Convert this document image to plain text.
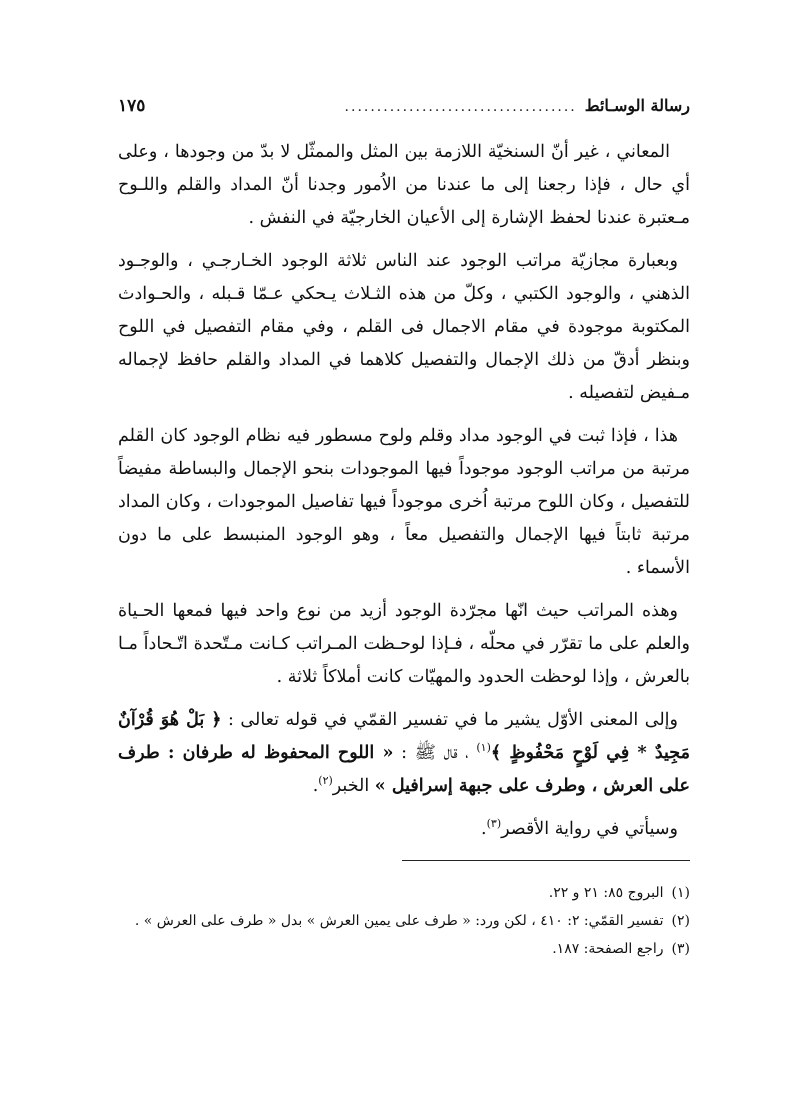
رسالة الوسـائط
....................................
١٧٥

المعاني ، غير أنّ السنخيّة اللازمة بين المثل والممثّل لا بدّ من وجودها ، وعلى أي حال ، فإذا رجعنا إلى ما عندنا من الاُمور وجدنا أنّ المداد والقلم واللـوح مـعتبرة عندنا لحفظ الإشارة إلى الأعيان الخارجيّة في النفش .

وبعبارة مجازيّة مراتب الوجود عند الناس ثلاثة الوجود الخـارجـي ، والوجـود الذهني ، والوجود الكتبي ، وكلّ من هذه الثـلاث يـحكي عـمّا قـبله ، والحـوادث المكتوبة موجودة في مقام الاجمال فى القلم ، وفي مقام التفصيل في اللوح وبنظر أدقّ من ذلك الإجمال والتفصيل كلاهما في المداد والقلم حافظ لإجماله مـفيض لتفصيله .

هذا ، فإذا ثبت في الوجود مداد وقلم ولوح مسطور فيه نظام الوجود كان القلم مرتبة من مراتب الوجود موجوداً فيها الموجودات بنحو الإجمال والبساطة مفيضاً للتفصيل ، وكان اللوح مرتبة اُخرى موجوداً فيها تفاصيل الموجودات ، وكان المداد مرتبة ثابتاً فيها الإجمال والتفصيل معاً ، وهو الوجود المنبسط على ما دون الأسماء .

وهذه المراتب حيث انّها مجرّدة الوجود أزيد من نوع واحد فيها فمعها الحـياة والعلم على ما تقرّر في محلّه ، فـإذا لوحـظت المـراتب كـانت مـتّحدة اتّـحاداً مـا بالعرش ، وإذا لوحظت الحدود والمهيّات كانت أملاكاً ثلاثة .

وإلى المعنى الأوّل يشير ما في تفسير القمّي في قوله تعالى : ﴿ بَلْ هُوَ قُرْآنٌ مَجِيدٌ * فِي لَوْحٍ مَحْفُوظٍ ﴾$^{(١)}$ ، قال ﷺ : « اللوح المحفوظ له طرفان : طرف على العرش ، وطرف على جبهة إسرافيل » الخبر$^{(٢)}$.

وسيأتي في رواية الأقصر$^{(٣)}$.

(١)
البروج ٨٥: ٢١ و ٢٢.
(٢)
تفسير القمّي: ٢: ٤١٠ ، لكن ورد: « طرف على يمين العرش » بدل « طرف على العرش » .
(٣)
راجع الصفحة: ١٨٧.
